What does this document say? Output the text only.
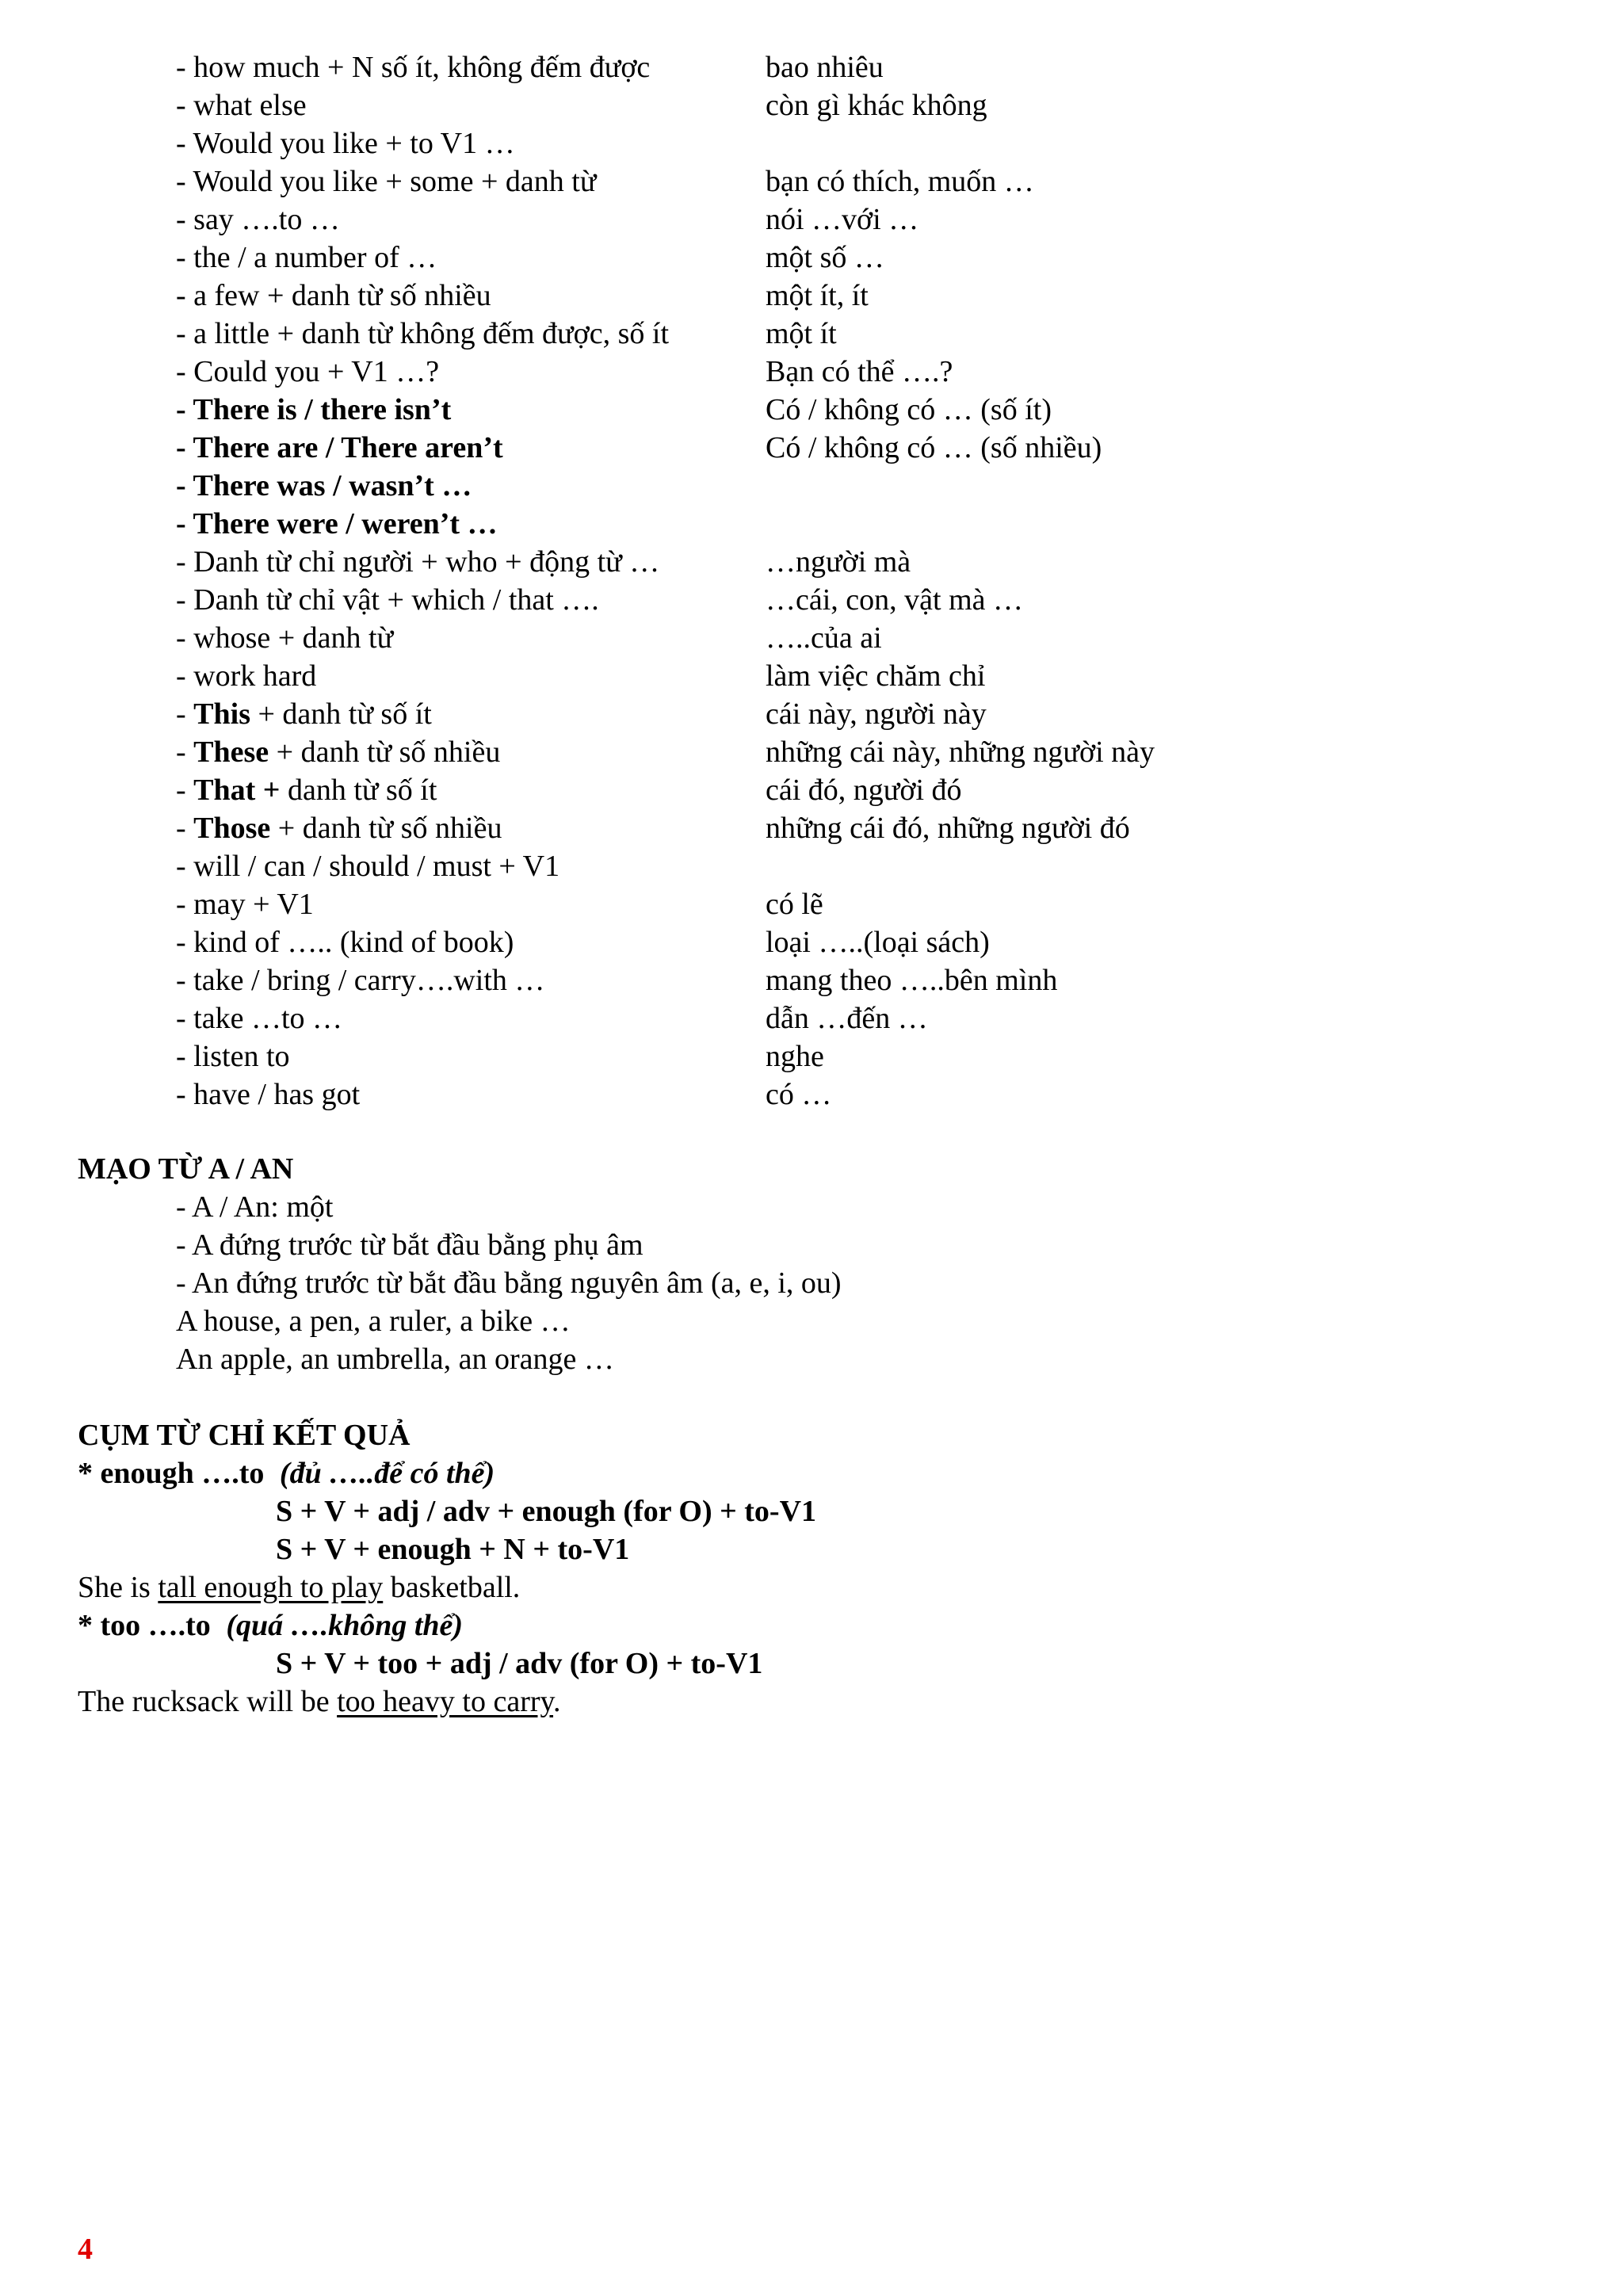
- how much + N số ít, không đếm được	bao nhiêu
- what else	còn gì khác không
- Would you like + to V1 …
- Would you like + some + danh từ	bạn có thích, muốn …
- say ….to …	nói …với …
- the / a number of …	một số …
- a few + danh từ số nhiều	một ít, ít
- a little + danh từ không đếm được, số ít	một ít
- Could you + V1 …?	Bạn có thể ….?
- There is / there isn’t	Có / không có … (số ít)
- There are / There aren’t	Có / không có … (số nhiều)
- There was / wasn’t …
- There were / weren’t …
- Danh từ chỉ người + who + động từ …	…người mà
- Danh từ chỉ vật + which / that ….	…cái, con, vật mà …
- whose + danh từ	…..của ai
- work hard	làm việc chăm chỉ
- This + danh từ số ít	cái này, người này
- These + danh từ số nhiều	những cái này, những người này
- That + danh từ số ít	cái đó, người đó
- Those + danh từ số nhiều	những cái đó, những người đó
- will / can / should / must + V1
- may + V1	có lẽ
- kind of ….. (kind of book)	loại …..(loại sách)
- take / bring / carry….with …	mang theo …..bên mình
- take …to …	dẫn …đến …
- listen to	nghe
- have / has got	có …
MẠO TỪ A / AN
- A / An: một
- A đứng trước từ bắt đầu bằng phụ âm
- An đứng trước từ bắt đầu bằng nguyên âm (a, e, i, ou)
A house, a pen, a ruler, a bike …
An apple, an umbrella, an orange …
CỤM TỪ CHỈ KẾT QUẢ
* enough ….to (đủ …..để có thể)
S + V + adj / adv + enough (for O) + to-V1
S + V + enough + N + to-V1
She is tall enough to play basketball.
* too ….to (quá ….không thể)
S + V + too + adj / adv (for O) + to-V1
The rucksack will be too heavy to carry.
4
